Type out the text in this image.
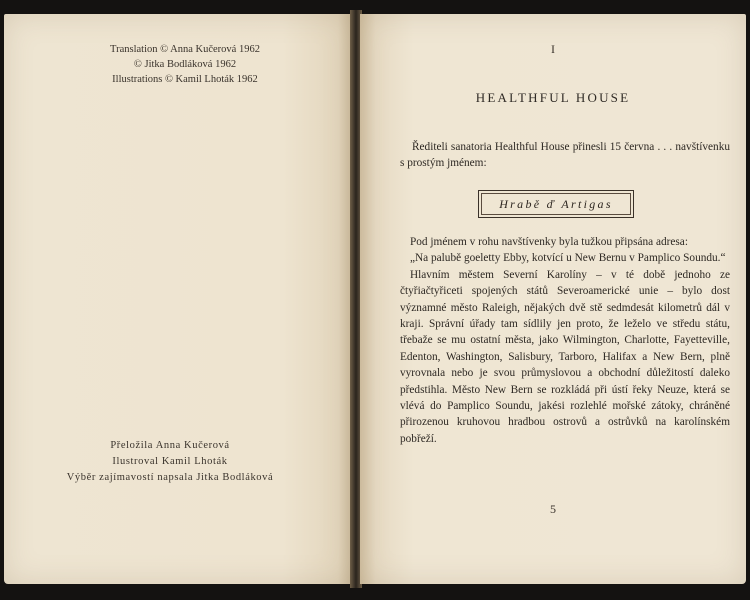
Translation © Anna Kučerová 1962
© Jitka Bodláková 1962
Illustrations © Kamil Lhoták 1962
Přeložila Anna Kučerová
Ilustroval Kamil Lhoták
Výběr zajímavostí napsala Jitka Bodláková
I
HEALTHFUL HOUSE

Řediteli sanatoria Healthful House přinesli 15 června . . . navštívenku s prostým jménem:

Hrabě ď Artigas

Pod jménem v rohu navštívenky byla tužkou připsána adresa:

„Na palubě goeletty Ebby, kotvící u New Bernu v Pamplico Soundu.“

Hlavním městem Severní Karolíny – v té době jednoho ze čtyřiačtyřiceti spojených států Severoamerické unie – bylo dost významné město Raleigh, nějakých dvě stě sedmdesát kilometrů dál v kraji. Správní úřady tam sídlily jen proto, že leželo ve středu státu, třebaže se mu ostatní města, jako Wilmington, Charlotte, Fayetteville, Edenton, Washington, Salisbury, Tarboro, Halifax a New Bern, plně vyrovnala nebo je svou průmyslovou a obchodní důležitostí daleko předstihla. Město New Bern se rozkládá při ústí řeky Neuze, která se vlévá do Pamplico Soundu, jakési rozlehlé mořské zátoky, chráněné přirozenou kruhovou hradbou ostrovů a ostrůvků na karolínském pobřeží.

5
